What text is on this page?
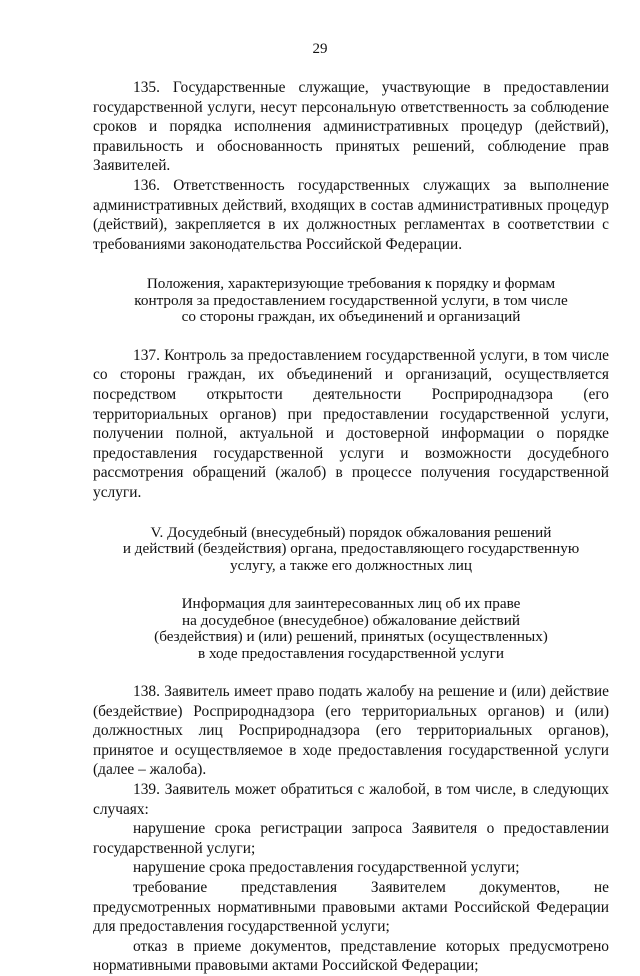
29

135. Государственные служащие, участвующие в предоставлении государственной услуги, несут персональную ответственность за соблюдение сроков и порядка исполнения административных процедур (действий), правильность и обоснованность принятых решений, соблюдение прав Заявителей.

136. Ответственность государственных служащих за выполнение административных действий, входящих в состав административных процедур (действий), закрепляется в их должностных регламентах в соответствии с требованиями законодательства Российской Федерации.

Положения, характеризующие требования к порядку и формам
контроля за предоставлением государственной услуги, в том числе
со стороны граждан, их объединений и организаций

137. Контроль за предоставлением государственной услуги, в том числе со стороны граждан, их объединений и организаций, осуществляется посредством открытости деятельности Росприроднадзора (его территориальных органов) при предоставлении государственной услуги, получении полной, актуальной и достоверной информации о порядке предоставления государственной услуги и возможности досудебного рассмотрения обращений (жалоб) в процессе получения государственной услуги.

V. Досудебный (внесудебный) порядок обжалования решений
и действий (бездействия) органа, предоставляющего государственную
услугу, а также его должностных лиц
Информация для заинтересованных лиц об их праве
на досудебное (внесудебное) обжалование действий
(бездействия) и (или) решений, принятых (осуществленных)
в ходе предоставления государственной услуги

138. Заявитель имеет право подать жалобу на решение и (или) действие (бездействие) Росприроднадзора (его территориальных органов) и (или) должностных лиц Росприроднадзора (его территориальных органов), принятое и осуществляемое в ходе предоставления государственной услуги (далее – жалоба).

139. Заявитель может обратиться с жалобой, в том числе, в следующих случаях:

нарушение срока регистрации запроса Заявителя о предоставлении государственной услуги;

нарушение срока предоставления государственной услуги;

требование представления Заявителем документов, не предусмотренных нормативными правовыми актами Российской Федерации для предоставления государственной услуги;

отказ в приеме документов, представление которых предусмотрено нормативными правовыми актами Российской Федерации;
